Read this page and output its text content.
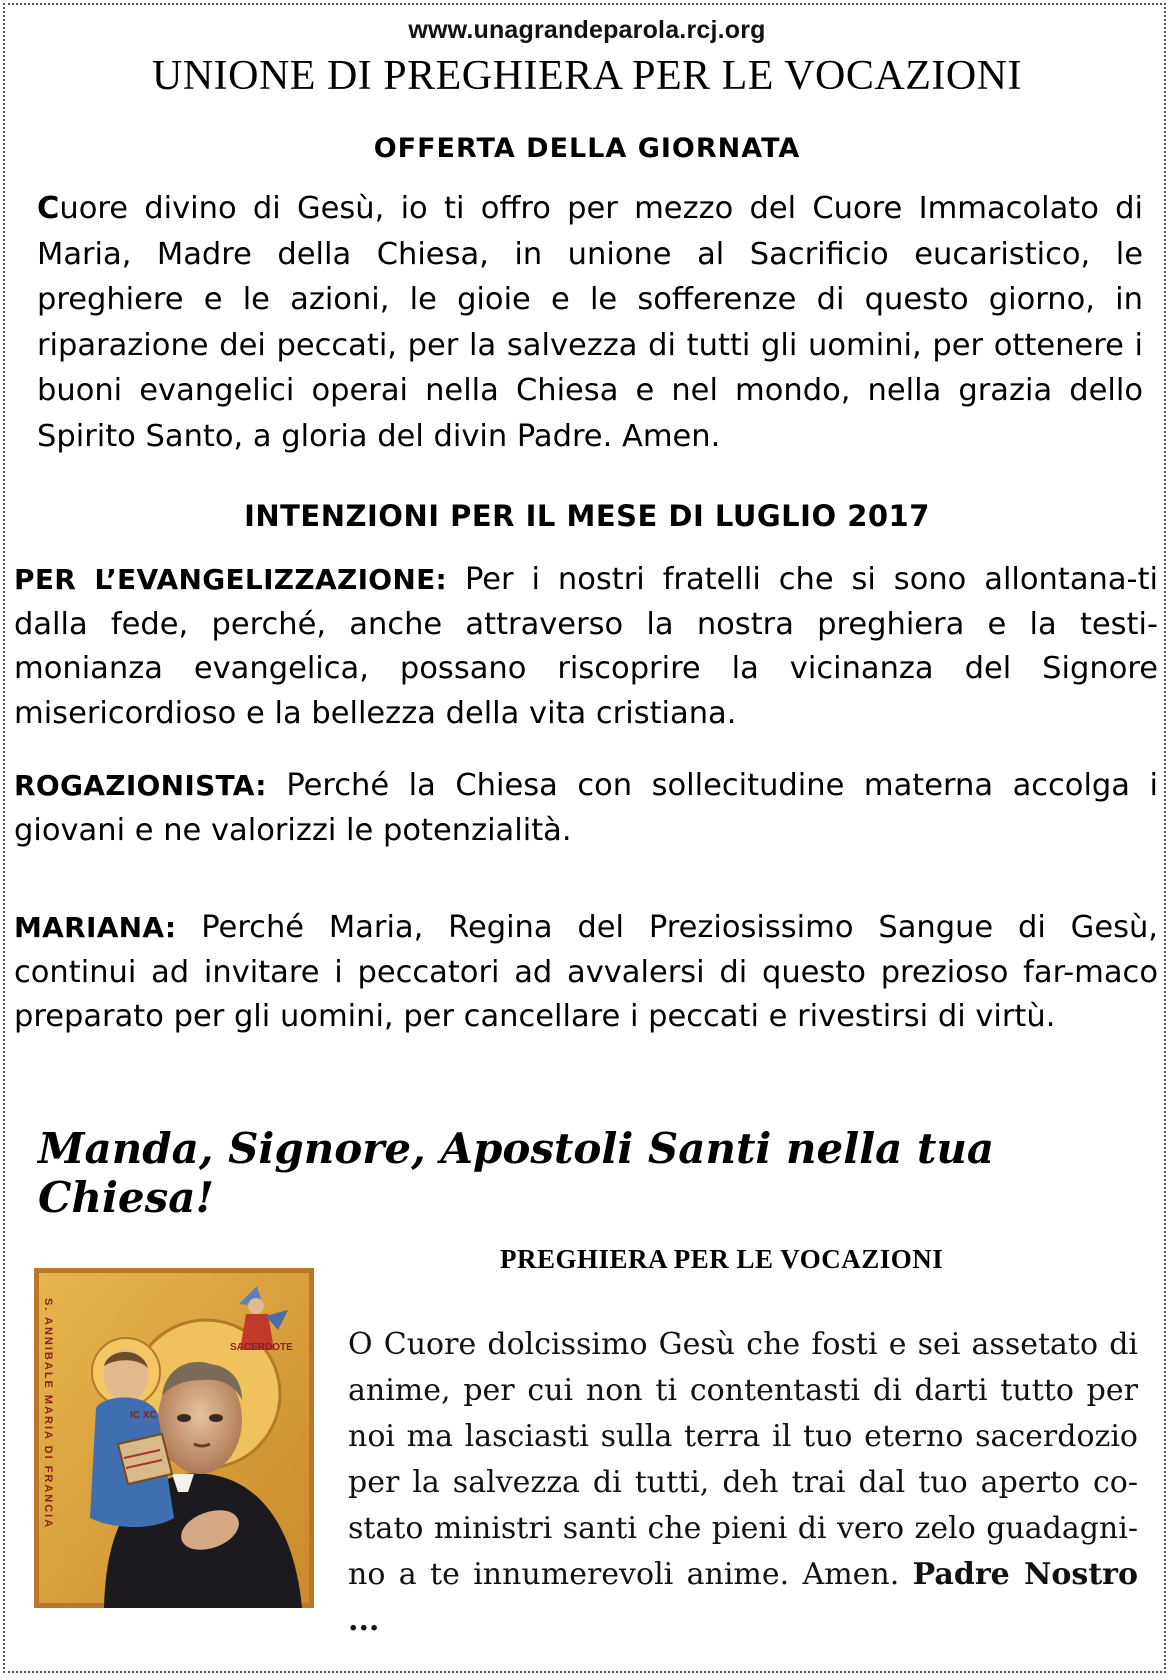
www.unagrandeparola.rcj.org
UNIONE DI PREGHIERA PER LE VOCAZIONI
OFFERTA DELLA GIORNATA
Cuore divino di Gesù, io ti offro per mezzo del Cuore Immacolato di Maria, Madre della Chiesa, in unione al Sacrificio eucaristico, le preghiere e le azioni, le gioie e le sofferenze di questo giorno, in riparazione dei peccati, per la salvezza di tutti gli uomini, per ottenere i buoni evangelici operai nella Chiesa e nel mondo, nella grazia dello Spirito Santo, a gloria del divin Padre. Amen.
INTENZIONI PER IL MESE DI LUGLIO 2017
PER L’EVANGELIZZAZIONE: Per i nostri fratelli che si sono allontana-ti dalla fede, perché, anche attraverso la nostra preghiera e la testi-monianza evangelica, possano riscoprire la vicinanza del Signore misericordioso e la bellezza della vita cristiana.
ROGAZIONISTA: Perché la Chiesa con sollecitudine materna accolga i giovani e ne valorizzi le potenzialità.
MARIANA: Perché Maria, Regina del Preziosissimo Sangue di Gesù, continui ad invitare i peccatori ad avvalersi di questo prezioso far-maco preparato per gli uomini, per cancellare i peccati e rivestirsi di virtù.
Manda, Signore, Apostoli Santi nella tua Chiesa!
S. ANNIBALE MARIA DI FRANCIA	SACERDOTE
IC XC
PREGHIERA PER LE VOCAZIONI
O Cuore dolcissimo Gesù che fosti e sei assetato di anime, per cui non ti contentasti di darti tutto per noi ma lasciasti sulla terra il tuo eterno sacerdozio per la salvezza di tutti, deh trai dal tuo aperto co-stato ministri santi che pieni di vero zelo guadagni-no a te innumerevoli anime. Amen. Padre Nostro ...
